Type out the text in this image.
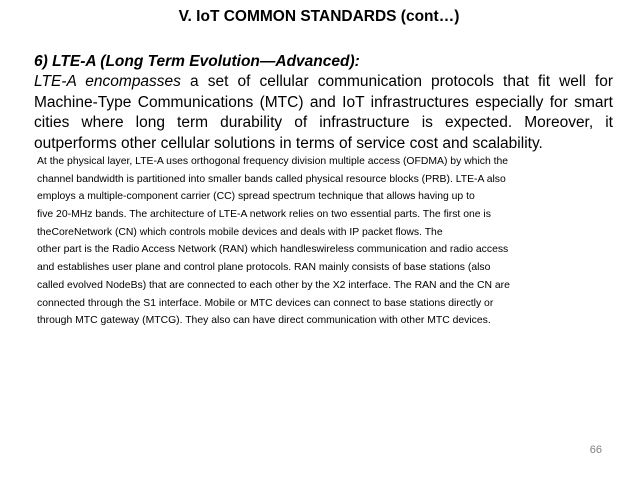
V. IoT COMMON STANDARDS (cont…)
6) LTE-A (Long Term Evolution—Advanced):
LTE-A encompasses a set of cellular communication protocols that fit well for Machine-Type Communications (MTC) and IoT infrastructures especially for smart cities where long term durability of infrastructure is expected. Moreover, it outperforms other cellular solutions in terms of service cost and scalability.
At the physical layer, LTE-A uses orthogonal frequency division multiple access (OFDMA) by which the
channel bandwidth is partitioned into smaller bands called physical resource blocks (PRB). LTE-A also
employs a multiple-component carrier (CC) spread spectrum technique that allows having up to
five 20-MHz bands. The architecture of LTE-A network relies on two essential parts. The first one is
theCoreNetwork (CN) which controls mobile devices and deals with IP packet flows. The
other part is the Radio Access Network (RAN) which handleswireless communication and radio access
and establishes user plane and control plane protocols. RAN mainly consists of base stations (also
called evolved NodeBs) that are connected to each other by the X2 interface. The RAN and the CN are
connected through the S1 interface. Mobile or MTC devices can connect to base stations directly or
through MTC gateway (MTCG). They also can have direct communication with other MTC devices.
66
